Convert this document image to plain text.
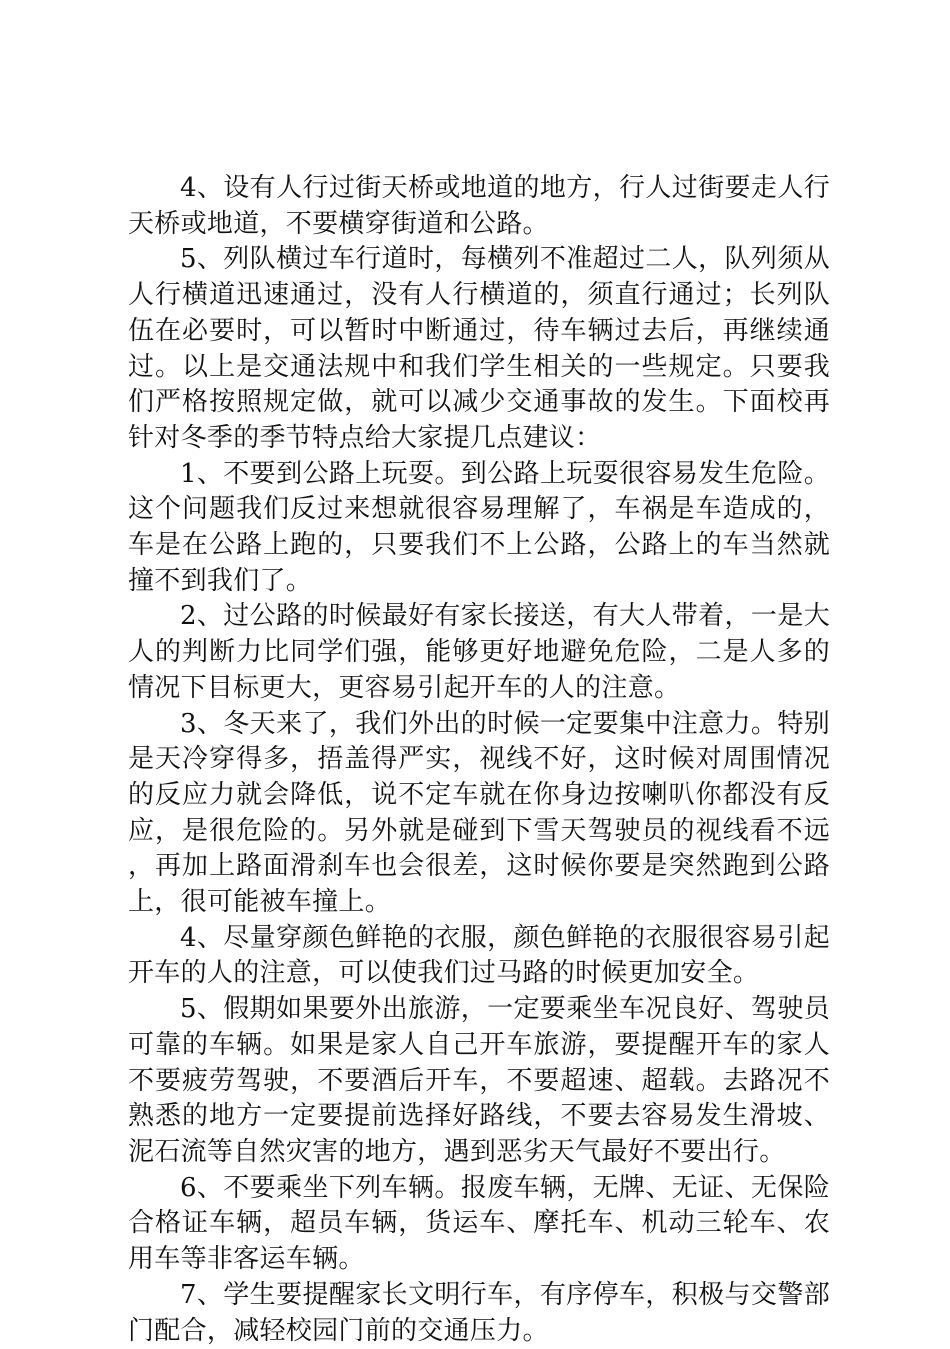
4、设有人行过街天桥或地道的地方，行人过街要走人行天桥或地道，不要横穿街道和公路。

5、列队横过车行道时，每横列不准超过二人，队列须从人行横道迅速通过，没有人行横道的，须直行通过；长列队伍在必要时，可以暂时中断通过，待车辆过去后，再继续通过。以上是交通法规中和我们学生相关的一些规定。只要我们严格按照规定做，就可以减少交通事故的发生。下面校再针对冬季的季节特点给大家提几点建议：

1、不要到公路上玩耍。到公路上玩耍很容易发生危险。这个问题我们反过来想就很容易理解了，车祸是车造成的，车是在公路上跑的，只要我们不上公路，公路上的车当然就撞不到我们了。

2、过公路的时候最好有家长接送，有大人带着，一是大人的判断力比同学们强，能够更好地避免危险，二是人多的情况下目标更大，更容易引起开车的人的注意。

3、冬天来了，我们外出的时候一定要集中注意力。特别是天冷穿得多，捂盖得严实，视线不好，这时候对周围情况的反应力就会降低，说不定车就在你身边按喇叭你都没有反应，是很危险的。另外就是碰到下雪天驾驶员的视线看不远，再加上路面滑刹车也会很差，这时候你要是突然跑到公路上，很可能被车撞上。

4、尽量穿颜色鲜艳的衣服，颜色鲜艳的衣服很容易引起开车的人的注意，可以使我们过马路的时候更加安全。

5、假期如果要外出旅游，一定要乘坐车况良好、驾驶员可靠的车辆。如果是家人自己开车旅游，要提醒开车的家人不要疲劳驾驶，不要酒后开车，不要超速、超载。去路况不熟悉的地方一定要提前选择好路线，不要去容易发生滑坡、泥石流等自然灾害的地方，遇到恶劣天气最好不要出行。

6、不要乘坐下列车辆。报废车辆，无牌、无证、无保险合格证车辆，超员车辆，货运车、摩托车、机动三轮车、农用车等非客运车辆。

7、学生要提醒家长文明行车，有序停车，积极与交警部门配合，减轻校园门前的交通压力。
